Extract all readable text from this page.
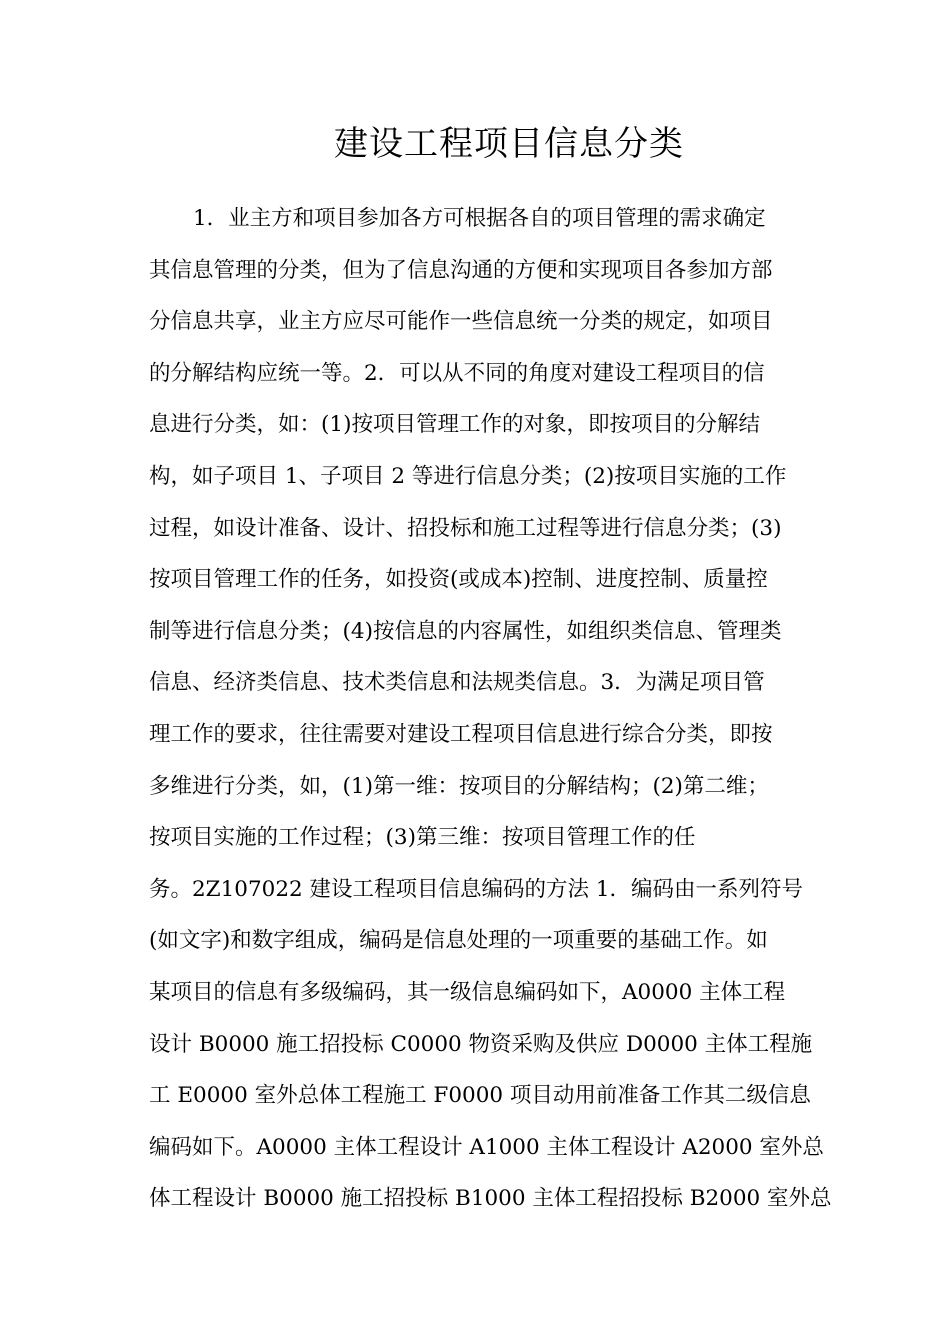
建设工程项目信息分类
1．业主方和项目参加各方可根据各自的项目管理的需求确定
其信息管理的分类，但为了信息沟通的方便和实现项目各参加方部
分信息共享，业主方应尽可能作一些信息统一分类的规定，如项目
的分解结构应统一等。2．可以从不同的角度对建设工程项目的信
息进行分类，如：(1)按项目管理工作的对象，即按项目的分解结
构，如子项目 1、子项目 2 等进行信息分类；(2)按项目实施的工作
过程，如设计准备、设计、招投标和施工过程等进行信息分类；(3)
按项目管理工作的任务，如投资(或成本)控制、进度控制、质量控
制等进行信息分类；(4)按信息的内容属性，如组织类信息、管理类
信息、经济类信息、技术类信息和法规类信息。3．为满足项目管
理工作的要求，往往需要对建设工程项目信息进行综合分类，即按
多维进行分类，如，(1)第一维：按项目的分解结构；(2)第二维；
按项目实施的工作过程；(3)第三维：按项目管理工作的任
务。2Z107022 建设工程项目信息编码的方法 1．编码由一系列符号
(如文字)和数字组成，编码是信息处理的一项重要的基础工作。如
某项目的信息有多级编码，其一级信息编码如下，A0000 主体工程
设计 B0000 施工招投标 C0000 物资采购及供应 D0000 主体工程施
工 E0000 室外总体工程施工 F0000 项目动用前准备工作其二级信息
编码如下。A0000 主体工程设计 A1000 主体工程设计 A2000 室外总
体工程设计 B0000 施工招投标 B1000 主体工程招投标 B2000 室外总
